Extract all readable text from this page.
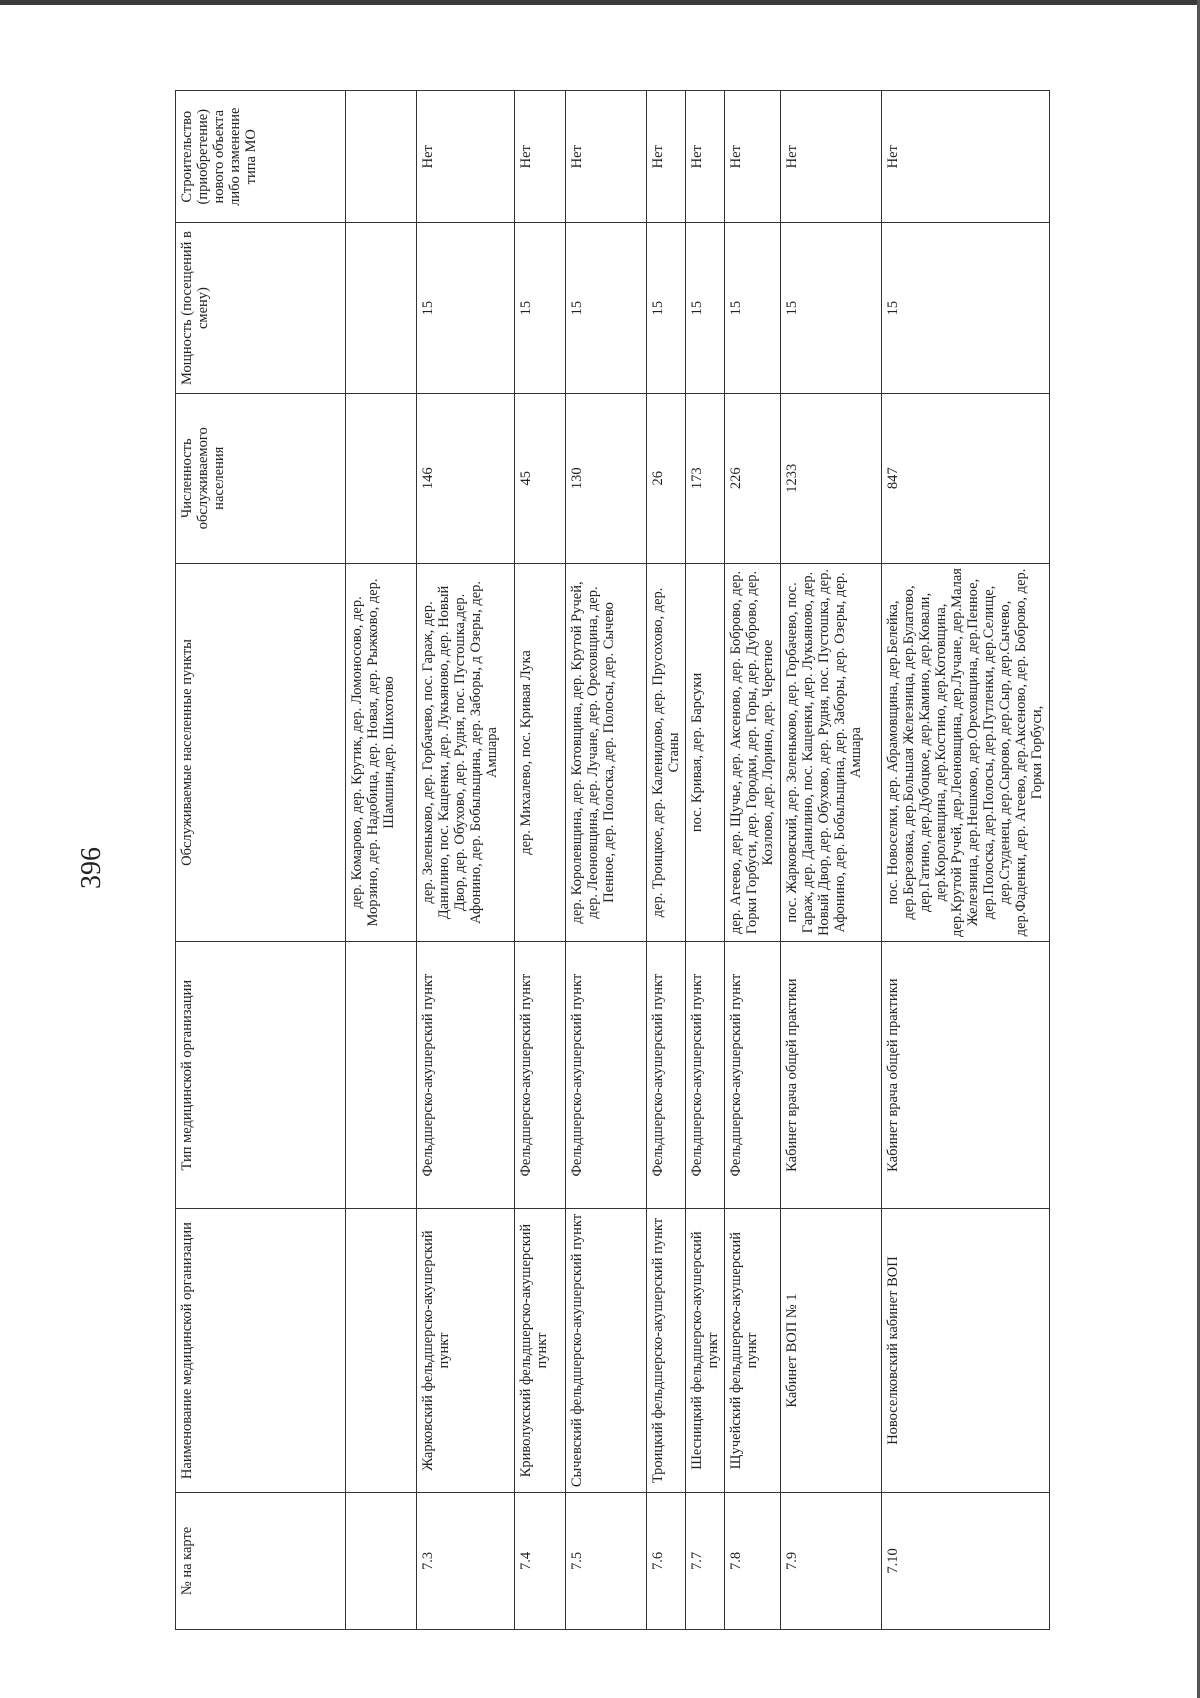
396
№ на карте	Наименование медицинской организации	Тип медицинской организации	Обслуживаемые населенные пункты	Численность обслуживаемого населения	Мощность (посещений в смену)	Строительство (приобретение) нового объекта либо изменение типа МО
			дер. Комарово, дер. Крутик, дер. Ломоносово, дер. Морзино, дер. Надобица, дер. Новая, дер. Рыжково, дер. Шамшин,дер. Шихотово			
7.3	Жарковский фельдшерско-акушерский пункт	Фельдшерско-акушерский пункт	дер. Зеленьково, дер. Горбачево, пос. Гараж, дер. Данилино, пос. Кащенки, дер. Лукьяново, дер. Новый Двор, дер. Обухово, дер. Рудня, пос. Пустошка,дер. Афонино, дер. Бобыльщина, дер. Заборы, д Озеры, дер. Амшара	146	15	Нет
7.4	Криволукский фельдшерско-акушерский пункт	Фельдшерско-акушерский пункт	дер. Михалево, пос. Кривая Лука	45	15	Нет
7.5	Сычевский фельдшерско-акушерский пункт	Фельдшерско-акушерский пункт	дер. Королевщина, дер. Котовщина, дер. Крутой Ручей, дер. Леоновщина, дер. Лучане, дер. Ореховщина, дер. Пенное, дер. Полоска, дер. Полосы, дер. Сычево	130	15	Нет
7.6	Троицкий фельдшерско-акушерский пункт	Фельдшерско-акушерский пункт	дер. Троицкое, дер. Каленидово, дер. Прусохово, дер. Станы	26	15	Нет
7.7	Шесницкий фельдшерско-акушерский пункт	Фельдшерско-акушерский пункт	пос. Кривая, дер. Барсуки	173	15	Нет
7.8	Щучейский фельдшерско-акушерский пункт	Фельдшерско-акушерский пункт	дер. Агеево, дер. Щучье, дер. Аксеново, дер. Боброво, дер. Горки Горбуси, дер. Городки, дер. Горы, дер. Дуброво, дер. Козлово, дер. Лорино, дер. Черетное	226	15	Нет
7.9	Кабинет ВОП № 1	Кабинет врача общей практики	пос. Жарковский, дер. Зеленьково, дер. Горбачево, пос. Гараж, дер. Данилино, пос. Кащенки, дер. Лукьяново, дер. Новый Двор, дер. Обухово, дер. Рудня, пос. Пустошка, дер. Афонино, дер. Бобыльщина, дер. Заборы, дер. Озеры, дер. Амшара	1233	15	Нет
7.10	Новоселковский кабинет ВОП	Кабинет врача общей практики	пос. Новоселки, дер. Абрамовщина, дер.Белейка, дер.Березовка, дер.Большая Железница, дер.Булатово, дер.Гатино, дер.Дубоцкое, дер.Камино, дер.Ковали, дер.Королевщина, дер.Костино, дер.Котовщина, дер.Крутой Ручей, дер.Леоновщина, дер.Лучане, дер.Малая Железница, дер.Нешково, дер.Ореховщина, дер.Пенное, дер.Полоска, дер.Полосы, дер.Путленки, дер.Селище, дер.Студенец, дер.Сырово, дер.Сыр, дер.Сычево, дер.Фаденки, дер. Агеево, дер.Аксеново, дер. Боброво, дер. Горки Горбуси,	847	15	Нет
